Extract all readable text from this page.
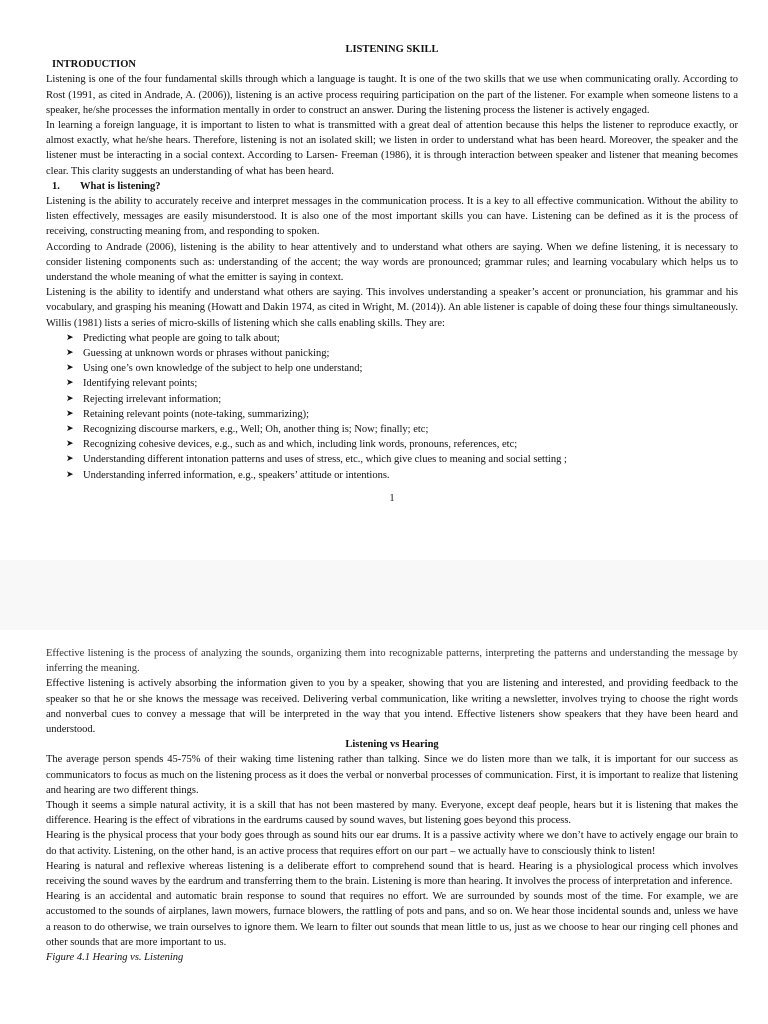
LISTENING SKILL

INTRODUCTION

Listening is one of the four fundamental skills through which a language is taught. It is one of the two skills that we use when communicating orally. According to Rost (1991, as cited in Andrade, A. (2006)), listening is an active process requiring participation on the part of the listener. For example when someone listens to a speaker, he/she processes the information mentally in order to construct an answer. During the listening process the listener is actively engaged.

In learning a foreign language, it is important to listen to what is transmitted with a great deal of attention because this helps the listener to reproduce exactly, or almost exactly, what he/she hears. Therefore, listening is not an isolated skill; we listen in order to understand what has been heard. Moreover, the speaker and the listener must be interacting in a social context. According to Larsen- Freeman (1986), it is through interaction between speaker and listener that meaning becomes clear. This clarity suggests an understanding of what has been heard.

1. What is listening?

Listening is the ability to accurately receive and interpret messages in the communication process. It is a key to all effective communication. Without the ability to listen effectively, messages are easily misunderstood. It is also one of the most important skills you can have. Listening can be defined as it is the process of receiving, constructing meaning from, and responding to spoken.

According to Andrade (2006), listening is the ability to hear attentively and to understand what others are saying. When we define listening, it is necessary to consider listening components such as: understanding of the accent; the way words are pronounced; grammar rules; and learning vocabulary which helps us to understand the whole meaning of what the emitter is saying in context.

Listening is the ability to identify and understand what others are saying. This involves understanding a speaker’s accent or pronunciation, his grammar and his vocabulary, and grasping his meaning (Howatt and Dakin 1974, as cited in Wright, M. (2014)). An able listener is capable of doing these four things simultaneously. Willis (1981) lists a series of micro-skills of listening which she calls enabling skills. They are:

➤ Predicting what people are going to talk about;
➤ Guessing at unknown words or phrases without panicking;
➤ Using one’s own knowledge of the subject to help one understand;
➤ Identifying relevant points;
➤ Rejecting irrelevant information;
➤ Retaining relevant points (note-taking, summarizing);
➤ Recognizing discourse markers, e.g., Well; Oh, another thing is; Now; finally; etc;
➤ Recognizing cohesive devices, e.g., such as and which, including link words, pronouns, references, etc;
➤ Understanding different intonation patterns and uses of stress, etc., which give clues to meaning and social setting ;
➤ Understanding inferred information, e.g., speakers’ attitude or intentions.

1

Effective listening is the process of analyzing the sounds, organizing them into recognizable patterns, interpreting the patterns and understanding the message by inferring the meaning.

Effective listening is actively absorbing the information given to you by a speaker, showing that you are listening and interested, and providing feedback to the speaker so that he or she knows the message was received. Delivering verbal communication, like writing a newsletter, involves trying to choose the right words and nonverbal cues to convey a message that will be interpreted in the way that you intend. Effective listeners show speakers that they have been heard and understood.

Listening vs Hearing

The average person spends 45-75% of their waking time listening rather than talking. Since we do listen more than we talk, it is important for our success as communicators to focus as much on the listening process as it does the verbal or nonverbal processes of communication. First, it is important to realize that listening and hearing are two different things.

Though it seems a simple natural activity, it is a skill that has not been mastered by many. Everyone, except deaf people, hears but it is listening that makes the difference. Hearing is the effect of vibrations in the eardrums caused by sound waves, but listening goes beyond this process.

Hearing is the physical process that your body goes through as sound hits our ear drums. It is a passive activity where we don’t have to actively engage our brain to do that activity. Listening, on the other hand, is an active process that requires effort on our part – we actually have to consciously think to listen!

Hearing is natural and reflexive whereas listening is a deliberate effort to comprehend sound that is heard. Hearing is a physiological process which involves receiving the sound waves by the eardrum and transferring them to the brain. Listening is more than hearing. It involves the process of interpretation and inference.

Hearing is an accidental and automatic brain response to sound that requires no effort. We are surrounded by sounds most of the time. For example, we are accustomed to the sounds of airplanes, lawn mowers, furnace blowers, the rattling of pots and pans, and so on. We hear those incidental sounds and, unless we have a reason to do otherwise, we train ourselves to ignore them. We learn to filter out sounds that mean little to us, just as we choose to hear our ringing cell phones and other sounds that are more important to us.

Figure 4.1 Hearing vs. Listening
